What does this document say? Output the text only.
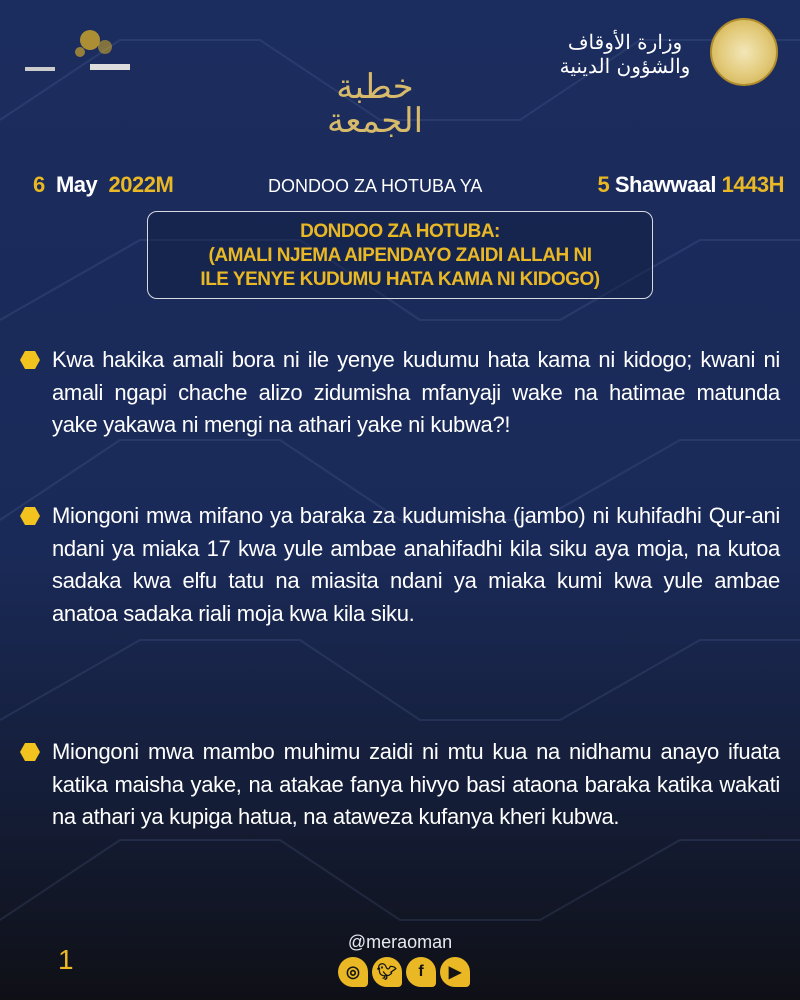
وزارة الأوقاف والشؤون الدينية
خطبة الجمعة
6 May 2022M	DONDOO ZA HOTUBA YA	5 Shawwaal 1443H
DONDOO ZA HOTUBA:
(AMALI NJEMA AIPENDAYO ZAIDI ALLAH NI
ILE YENYE KUDUMU HATA KAMA NI KIDOGO)

Kwa hakika amali bora ni ile yenye kudumu hata kama ni kidogo; kwani ni amali ngapi chache alizo zidumisha mfanyaji wake na hatimae matunda yake yakawa ni mengi na athari yake ni kubwa?!

Miongoni mwa mifano ya baraka za kudumisha (jambo) ni kuhifadhi Qur-ani ndani ya miaka 17 kwa yule ambae anahifadhi kila siku aya moja, na kutoa sadaka kwa elfu tatu na miasita ndani ya miaka kumi kwa yule ambae anatoa sadaka riali moja kwa kila siku.

Miongoni mwa mambo muhimu zaidi ni mtu kua na nidhamu anayo ifuata katika maisha yake, na atakae fanya hivyo basi ataona baraka katika wakati na athari ya kupiga hatua, na ataweza kufanya kheri kubwa.

1
@meraoman
◎	🐦︎	f	▶
